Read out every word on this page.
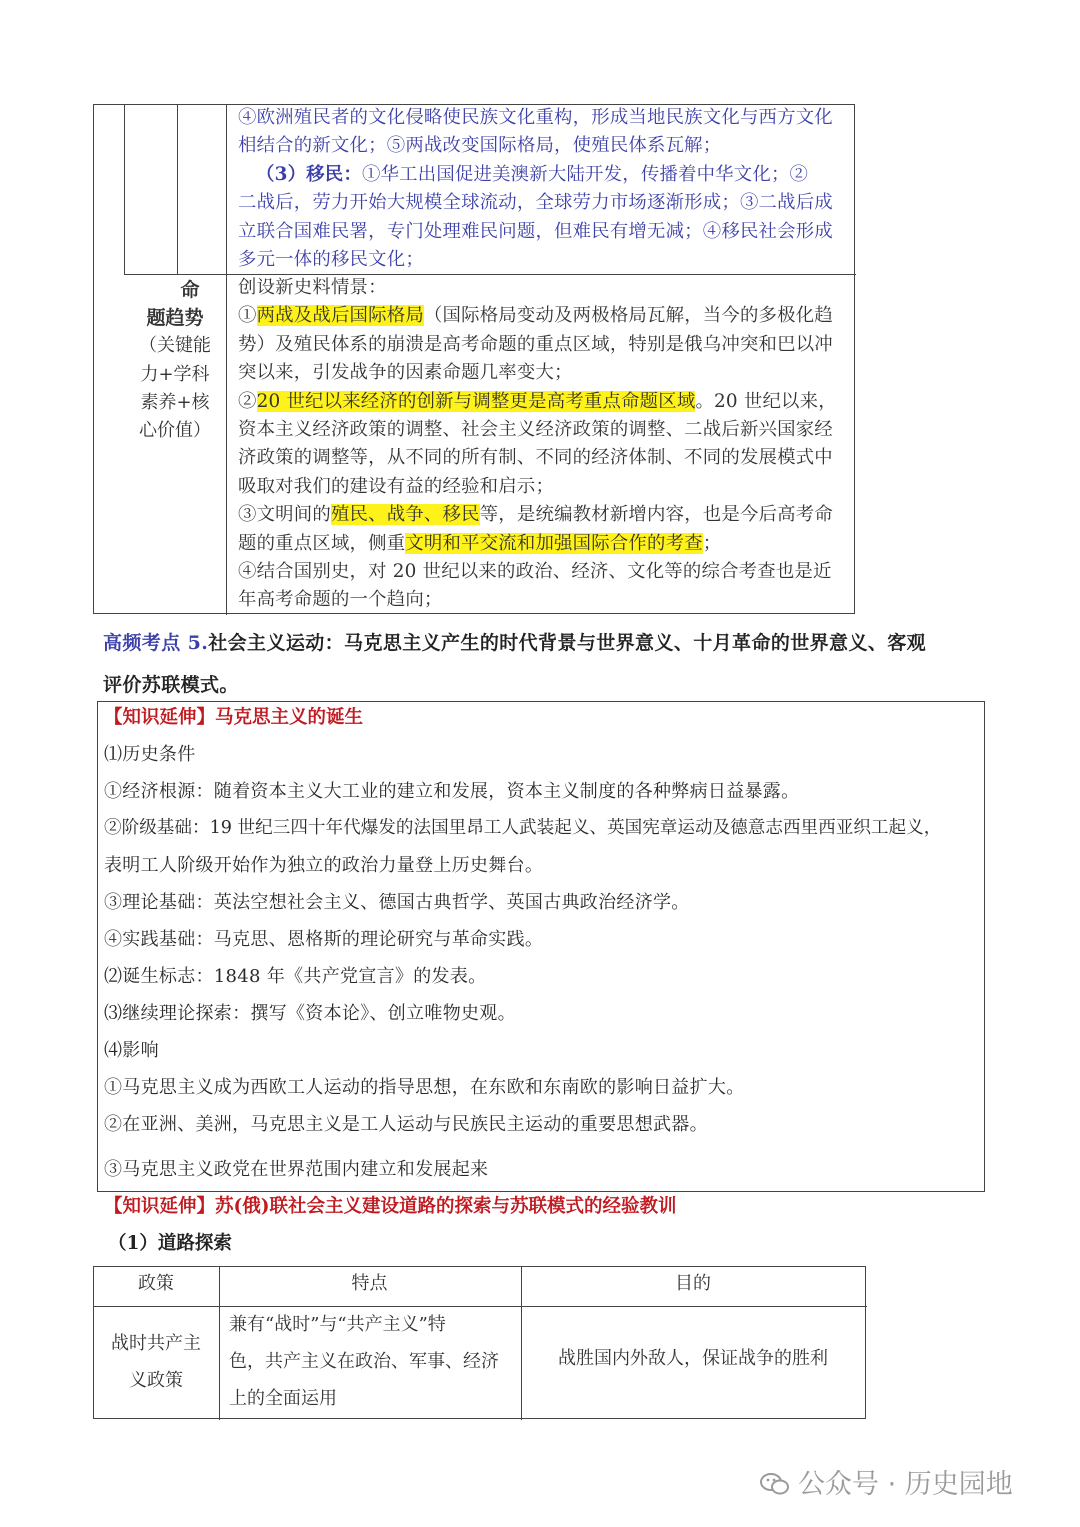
④欧洲殖民者的文化侵略使民族文化重构，形成当地民族文化与西方文化
相结合的新文化；⑤两战改变国际格局，使殖民体系瓦解；
（3）移民：①华工出国促进美澳新大陆开发，传播着中华文化；②
二战后，劳力开始大规模全球流动，全球劳力市场逐渐形成；③二战后成
立联合国难民署，专门处理难民问题，但难民有增无减；④移民社会形成
多元一体的移民文化；
命
题趋势
（关键能
力+学科
素养+核
心价值）
创设新史料情景：
①两战及战后国际格局（国际格局变动及两极格局瓦解，当今的多极化趋
势）及殖民体系的崩溃是高考命题的重点区域，特别是俄乌冲突和巴以冲
突以来，引发战争的因素命题几率变大；
②20 世纪以来经济的创新与调整更是高考重点命题区域。20 世纪以来，
资本主义经济政策的调整、社会主义经济政策的调整、二战后新兴国家经
济政策的调整等，从不同的所有制、不同的经济体制、不同的发展模式中
吸取对我们的建设有益的经验和启示；
③文明间的殖民、战争、移民等，是统编教材新增内容，也是今后高考命
题的重点区域，侧重文明和平交流和加强国际合作的考查；
④结合国别史，对 20 世纪以来的政治、经济、文化等的综合考查也是近
年高考命题的一个趋向；
高频考点 5.社会主义运动：马克思主义产生的时代背景与世界意义、十月革命的世界意义、客观
评价苏联模式。
【知识延伸】马克思主义的诞生
⑴历史条件
①经济根源：随着资本主义大工业的建立和发展，资本主义制度的各种弊病日益暴露。
②阶级基础：19 世纪三四十年代爆发的法国里昂工人武装起义、英国宪章运动及德意志西里西亚织工起义，
表明工人阶级开始作为独立的政治力量登上历史舞台。
③理论基础：英法空想社会主义、德国古典哲学、英国古典政治经济学。
④实践基础：马克思、恩格斯的理论研究与革命实践。
⑵诞生标志：1848 年《共产党宣言》的发表。
⑶继续理论探索：撰写《资本论》、创立唯物史观。
⑷影响
①马克思主义成为西欧工人运动的指导思想，在东欧和东南欧的影响日益扩大。
②在亚洲、美洲，马克思主义是工人运动与民族民主运动的重要思想武器。
③马克思主义政党在世界范围内建立和发展起来
【知识延伸】苏(俄)联社会主义建设道路的探索与苏联模式的经验教训
（1）道路探索
政策	特点	目的
战时共产主
义政策
兼有“战时”与“共产主义”特
色，共产主义在政治、军事、经济
上的全面运用
战胜国内外敌人，保证战争的胜利
公众号 · 历史园地
